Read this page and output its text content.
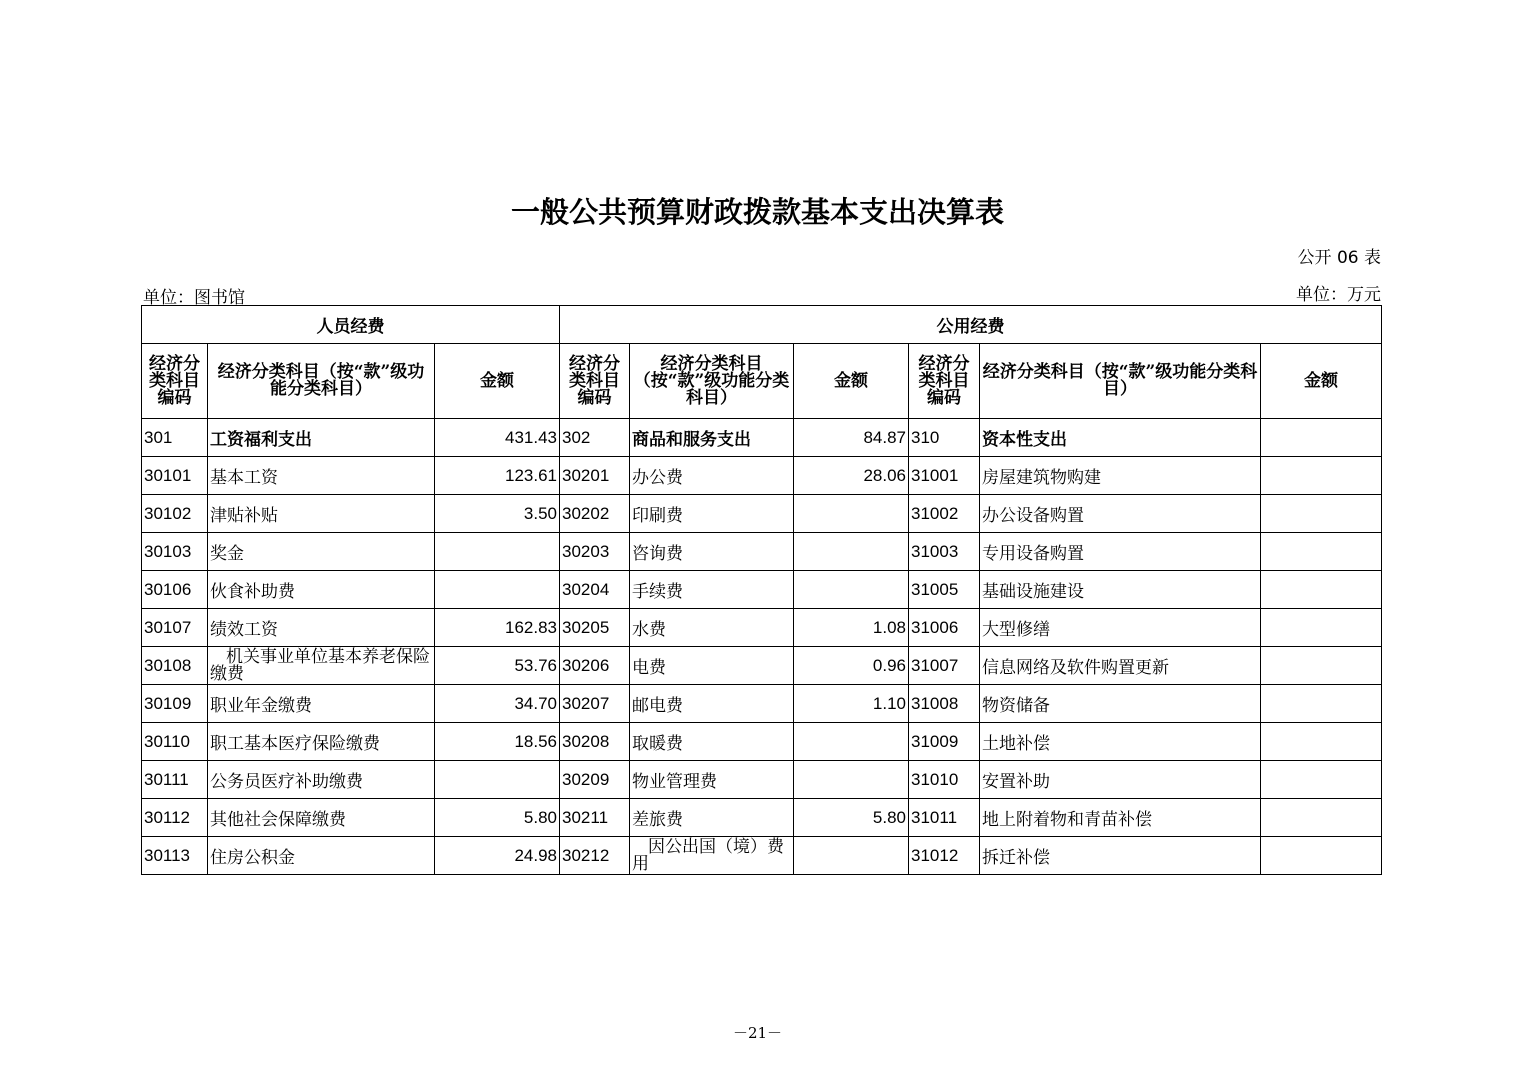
一般公共预算财政拨款基本支出决算表
公开 06 表
单位：图书馆	单位：万元
人员经费			公用经费					
经济分类科目编码	经济分类科目（按“款”级功能分类科目）	金额	经济分类科目编码	经济分类科目（按“款”级功能分类科目）	金额	经济分类科目编码	经济分类科目（按“款”级功能分类科目）	金额
301	工资福利支出	431.43	302	商品和服务支出	84.87	310	资本性支出	
30101	基本工资	123.61	30201	办公费	28.06	31001	房屋建筑物购建	
30102	津贴补贴	3.50	30202	印刷费		31002	办公设备购置	
30103	奖金		30203	咨询费		31003	专用设备购置	
30106	伙食补助费		30204	手续费		31005	基础设施建设	
30107	绩效工资	162.83	30205	水费	1.08	31006	大型修缮	
30108	机关事业单位基本养老保险缴费	53.76	30206	电费	0.96	31007	信息网络及软件购置更新	
30109	职业年金缴费	34.70	30207	邮电费	1.10	31008	物资储备	
30110	职工基本医疗保险缴费	18.56	30208	取暖费		31009	土地补偿	
30111	公务员医疗补助缴费		30209	物业管理费		31010	安置补助	
30112	其他社会保障缴费	5.80	30211	差旅费	5.80	31011	地上附着物和青苗补偿	
30113	住房公积金	24.98	30212	因公出国（境）费用		31012	拆迁补偿	
－21－
